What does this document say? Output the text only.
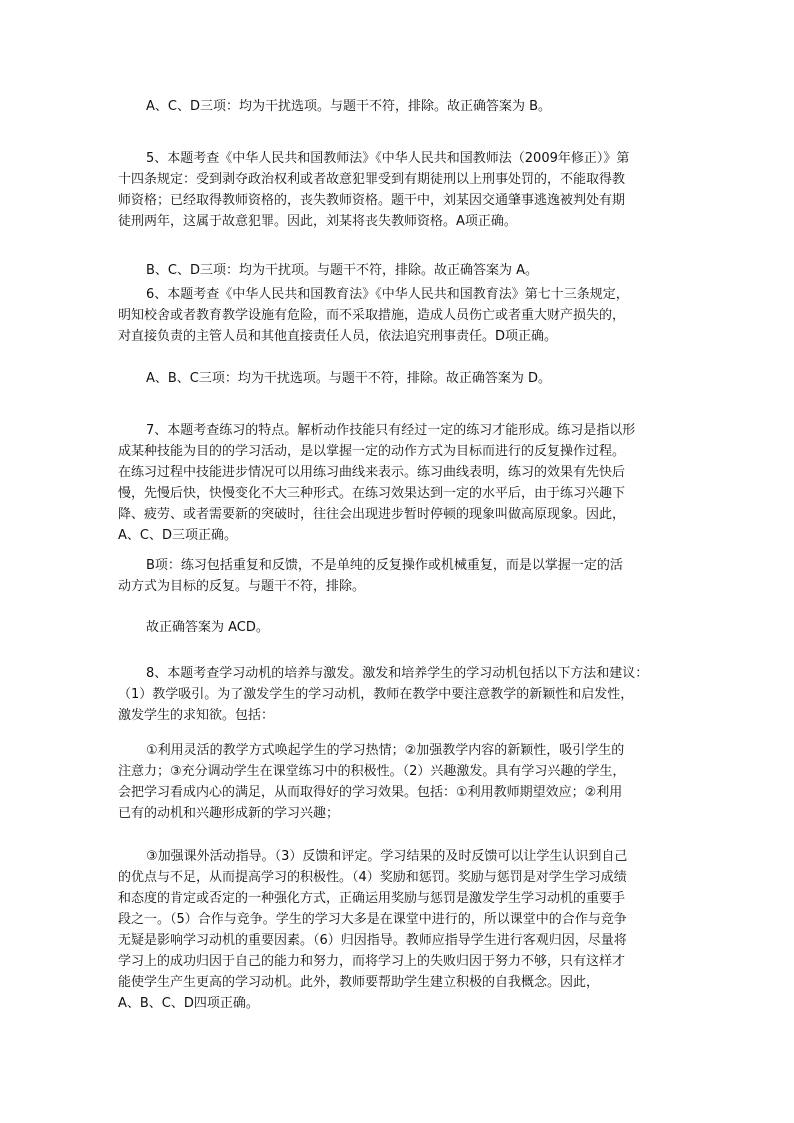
A、C、D三项：均为干扰选项。与题干不符，排除。故正确答案为 B。
5、本题考查《中华人民共和国教师法》《中华人民共和国教师法（2009年修正）》第
十四条规定：受到剥夺政治权利或者故意犯罪受到有期徒刑以上刑事处罚的，不能取得教
师资格；已经取得教师资格的，丧失教师资格。题干中，刘某因交通肇事逃逸被判处有期
徒刑两年，这属于故意犯罪。因此，刘某将丧失教师资格。A项正确。
B、C、D三项：均为干扰项。与题干不符，排除。故正确答案为 A。
6、本题考查《中华人民共和国教育法》《中华人民共和国教育法》第七十三条规定，
明知校舍或者教育教学设施有危险，而不采取措施，造成人员伤亡或者重大财产损失的，
对直接负责的主管人员和其他直接责任人员，依法追究刑事责任。D项正确。
A、B、C三项：均为干扰选项。与题干不符，排除。故正确答案为 D。
7、本题考查练习的特点。解析动作技能只有经过一定的练习才能形成。练习是指以形
成某种技能为目的的学习活动，是以掌握一定的动作方式为目标而进行的反复操作过程。
在练习过程中技能进步情况可以用练习曲线来表示。练习曲线表明，练习的效果有先快后
慢，先慢后快，快慢变化不大三种形式。在练习效果达到一定的水平后，由于练习兴趣下
降、疲劳、或者需要新的突破时，往往会出现进步暂时停顿的现象叫做高原现象。因此，
A、C、D三项正确。
B项：练习包括重复和反馈，不是单纯的反复操作或机械重复，而是以掌握一定的活
动方式为目标的反复。与题干不符，排除。
故正确答案为 ACD。
8、本题考查学习动机的培养与激发。激发和培养学生的学习动机包括以下方法和建议：
（1）教学吸引。为了激发学生的学习动机，教师在教学中要注意教学的新颖性和启发性，
激发学生的求知欲。包括：
①利用灵活的教学方式唤起学生的学习热情；②加强教学内容的新颖性，吸引学生的
注意力；③充分调动学生在课堂练习中的积极性。（2）兴趣激发。具有学习兴趣的学生，
会把学习看成内心的满足，从而取得好的学习效果。包括：①利用教师期望效应；②利用
已有的动机和兴趣形成新的学习兴趣；
③加强课外活动指导。（3）反馈和评定。学习结果的及时反馈可以让学生认识到自己
的优点与不足，从而提高学习的积极性。（4）奖励和惩罚。奖励与惩罚是对学生学习成绩
和态度的肯定或否定的一种强化方式，正确运用奖励与惩罚是激发学生学习动机的重要手
段之一。（5）合作与竞争。学生的学习大多是在课堂中进行的，所以课堂中的合作与竞争
无疑是影响学习动机的重要因素。（6）归因指导。教师应指导学生进行客观归因，尽量将
学习上的成功归因于自己的能力和努力，而将学习上的失败归因于努力不够，只有这样才
能使学生产生更高的学习动机。此外，教师要帮助学生建立积极的自我概念。因此，
A、B、C、D四项正确。
